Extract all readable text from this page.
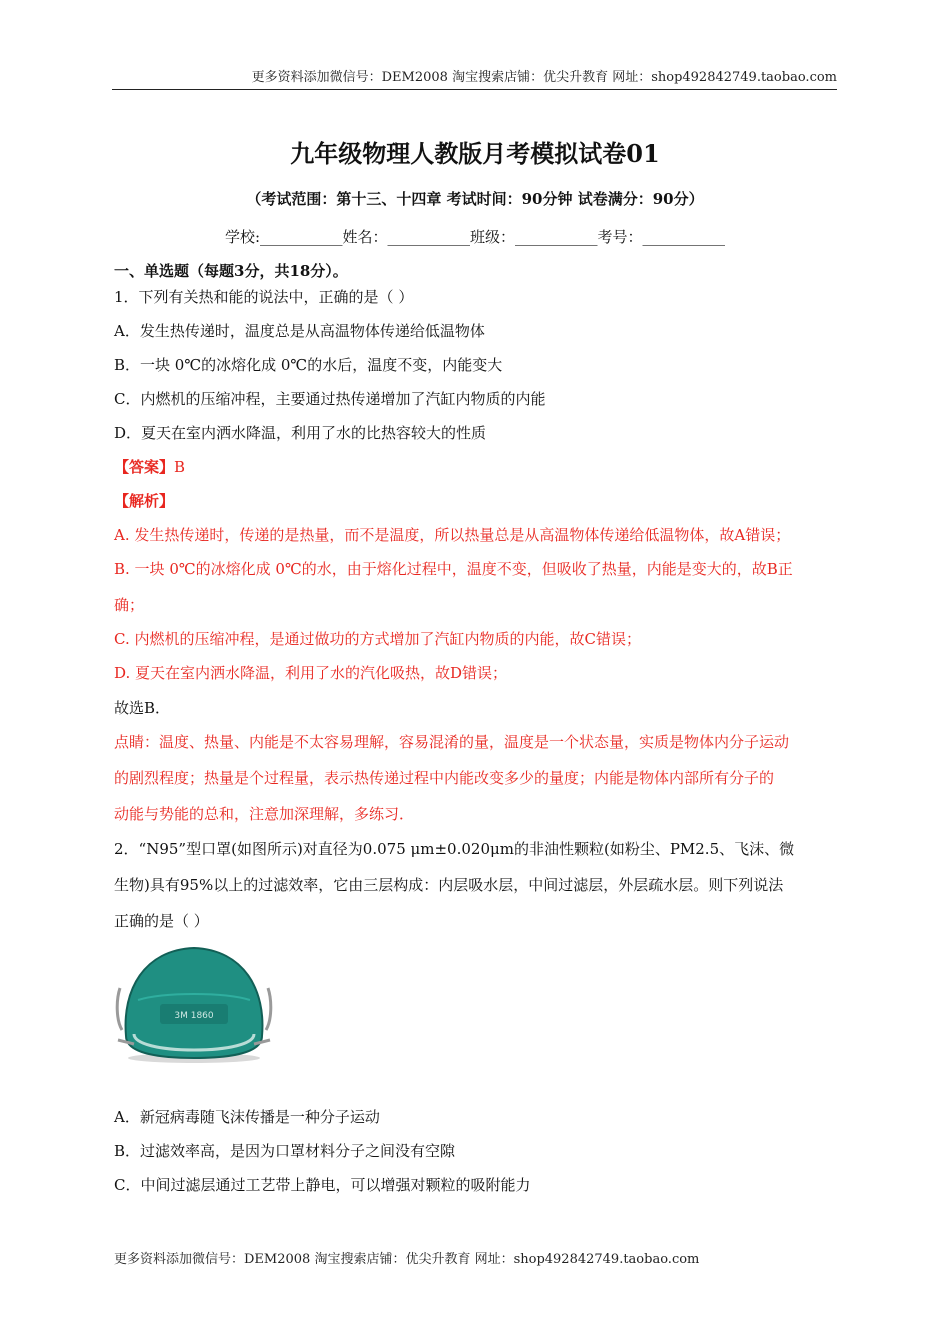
更多资料添加微信号：DEM2008 淘宝搜索店铺：优尖升教育 网址：shop492842749.taobao.com
九年级物理人教版月考模拟试卷01
（考试范围：第十三、十四章 考试时间：90分钟 试卷满分：90分）
学校:___________姓名：___________班级：___________考号：___________
一、单选题（每题3分，共18分）。
1．下列有关热和能的说法中，正确的是（ ）
A．发生热传递时，温度总是从高温物体传递给低温物体
B．一块 0℃的冰熔化成 0℃的水后，温度不变，内能变大
C．内燃机的压缩冲程，主要通过热传递增加了汽缸内物质的内能
D．夏天在室内洒水降温，利用了水的比热容较大的性质
【答案】B
【解析】
A. 发生热传递时，传递的是热量，而不是温度，所以热量总是从高温物体传递给低温物体，故A错误；
B. 一块 0℃的冰熔化成 0℃的水，由于熔化过程中，温度不变，但吸收了热量，内能是变大的，故B正
确；
C. 内燃机的压缩冲程，是通过做功的方式增加了汽缸内物质的内能，故C错误；
D. 夏天在室内洒水降温，利用了水的汽化吸热，故D错误；
故选B．
点睛：温度、热量、内能是不太容易理解，容易混淆的量，温度是一个状态量，实质是物体内分子运动
的剧烈程度；热量是个过程量，表示热传递过程中内能改变多少的量度；内能是物体内部所有分子的
动能与势能的总和，注意加深理解，多练习．
2．“N95”型口罩(如图所示)对直径为0.075 μm±0.020μm的非油性颗粒(如粉尘、PM2.5、飞沫、微
生物)具有95%以上的过滤效率，它由三层构成：内层吸水层，中间过滤层，外层疏水层。则下列说法
正确的是（ ）
3M 1860
A．新冠病毒随飞沫传播是一种分子运动
B．过滤效率高，是因为口罩材料分子之间没有空隙
C．中间过滤层通过工艺带上静电，可以增强对颗粒的吸附能力
更多资料添加微信号：DEM2008 淘宝搜索店铺：优尖升教育 网址：shop492842749.taobao.com
